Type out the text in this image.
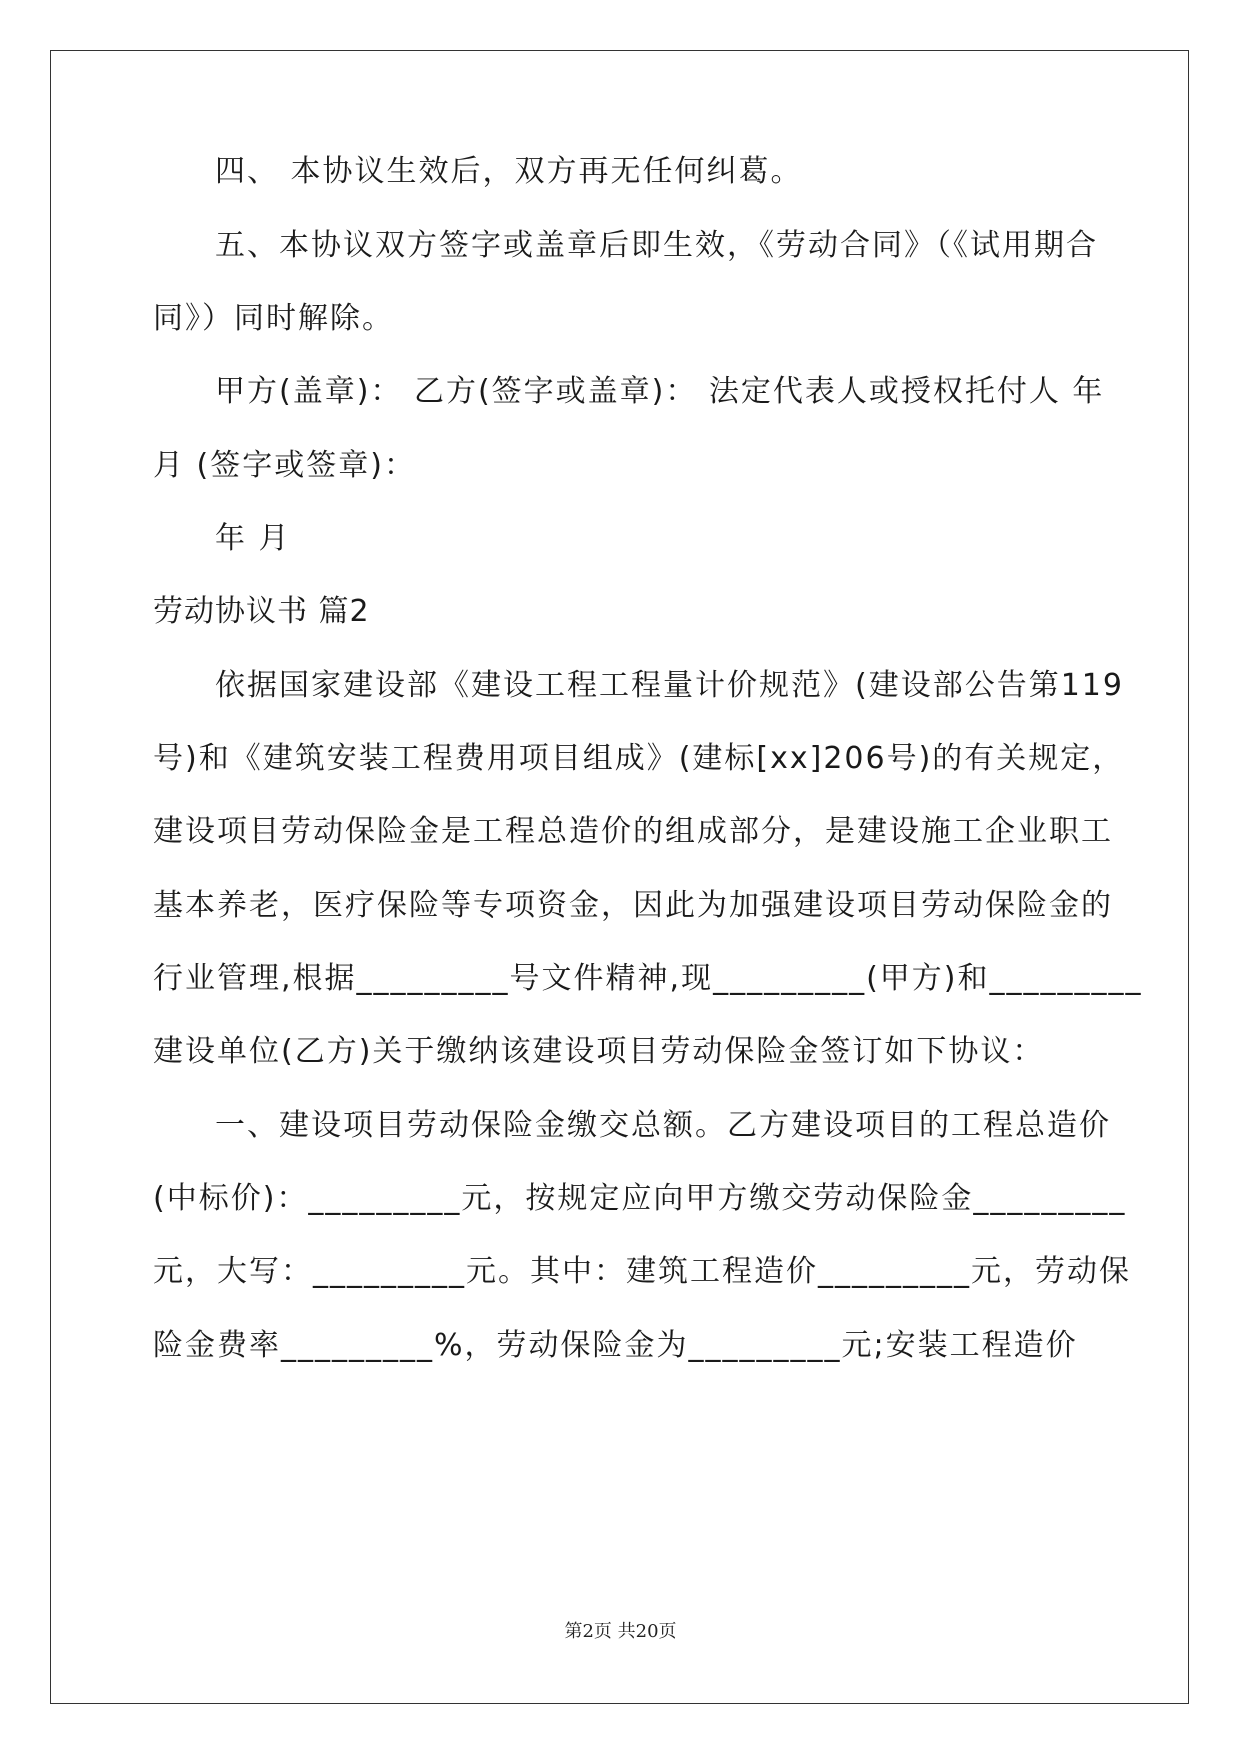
四、 本协议生效后，双方再无任何纠葛。

五、本协议双方签字或盖章后即生效，《劳动合同》（《试用期合

同》）同时解除。

甲方(盖章)： 乙方(签字或盖章)： 法定代表人或授权托付人 年

月 (签字或签章)：

年 月

劳动协议书 篇2

依据国家建设部《建设工程工程量计价规范》(建设部公告第119

号)和《建筑安装工程费用项目组成》(建标[xx]206号)的有关规定，

建设项目劳动保险金是工程总造价的组成部分，是建设施工企业职工

基本养老，医疗保险等专项资金，因此为加强建设项目劳动保险金的

行业管理,根据_________号文件精神,现_________(甲方)和_________

建设单位(乙方)关于缴纳该建设项目劳动保险金签订如下协议：

一、建设项目劳动保险金缴交总额。乙方建设项目的工程总造价

(中标价)：_________元，按规定应向甲方缴交劳动保险金_________

元，大写：_________元。其中：建筑工程造价_________元，劳动保

险金费率_________%，劳动保险金为_________元;安装工程造价

第2页 共20页
